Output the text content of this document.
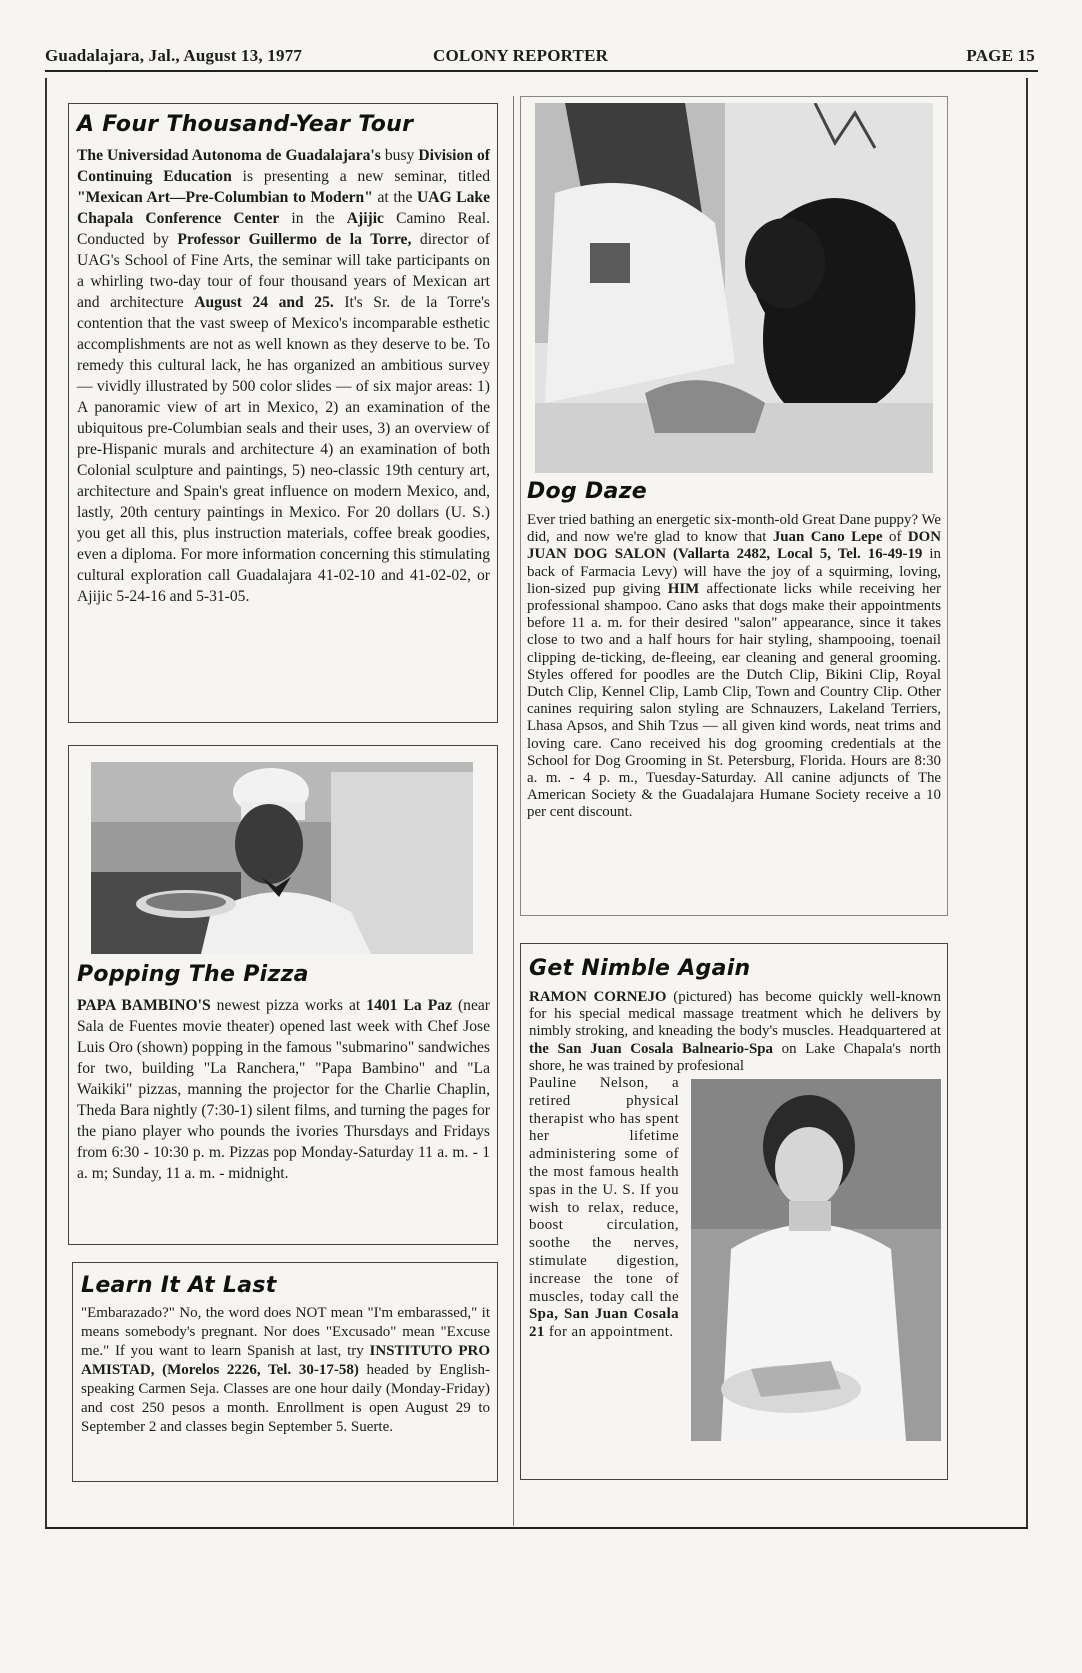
Guadalajara, Jal., August 13, 1977	COLONY REPORTER	PAGE 15
A Four Thousand-Year Tour

The Universidad Autonoma de Guadalajara's busy Division of Continuing Education is presenting a new seminar, titled "Mexican Art—Pre-Columbian to Modern" at the UAG Lake Chapala Conference Center in the Ajijic Camino Real. Conducted by Professor Guillermo de la Torre, director of UAG's School of Fine Arts, the seminar will take participants on a whirling two-day tour of four thousand years of Mexican art and architecture August 24 and 25. It's Sr. de la Torre's contention that the vast sweep of Mexico's incomparable esthetic accomplishments are not as well known as they deserve to be. To remedy this cultural lack, he has organized an ambitious survey — vividly illustrated by 500 color slides — of six major areas: 1) A panoramic view of art in Mexico, 2) an examination of the ubiquitous pre-Columbian seals and their uses, 3) an overview of pre-Hispanic murals and architecture 4) an examination of both Colonial sculpture and paintings, 5) neo-classic 19th century art, architecture and Spain's great influence on modern Mexico, and, lastly, 20th century paintings in Mexico. For 20 dollars (U. S.) you get all this, plus instruction materials, coffee break goodies, even a diploma. For more information concerning this stimulating cultural exploration call Guadalajara 41-02-10 and 41-02-02, or Ajijic 5-24-16 and 5-31-05.

Popping The Pizza

PAPA BAMBINO'S newest pizza works at 1401 La Paz (near Sala de Fuentes movie theater) opened last week with Chef Jose Luis Oro (shown) popping in the famous "submarino" sandwiches for two, building "La Ranchera," "Papa Bambino" and "La Waikiki" pizzas, manning the projector for the Charlie Chaplin, Theda Bara nightly (7:30-1) silent films, and turning the pages for the piano player who pounds the ivories Thursdays and Fridays from 6:30 - 10:30 p. m. Pizzas pop Monday-Saturday 11 a. m. - 1 a. m; Sunday, 11 a. m. - midnight.

Learn It At Last

"Embarazado?" No, the word does NOT mean "I'm embarassed," it means somebody's pregnant. Nor does "Excusado" mean "Excuse me." If you want to learn Spanish at last, try INSTITUTO PRO AMISTAD, (Morelos 2226, Tel. 30-17-58) headed by English-speaking Carmen Seja. Classes are one hour daily (Monday-Friday) and cost 250 pesos a month. Enrollment is open August 29 to September 2 and classes begin September 5. Suerte.

Dog Daze

Ever tried bathing an energetic six-month-old Great Dane puppy? We did, and now we're glad to know that Juan Cano Lepe of DON JUAN DOG SALON (Vallarta 2482, Local 5, Tel. 16-49-19 in back of Farmacia Levy) will have the joy of a squirming, loving, lion-sized pup giving HIM affectionate licks while receiving her professional shampoo. Cano asks that dogs make their appointments before 11 a. m. for their desired "salon" appearance, since it takes close to two and a half hours for hair styling, shampooing, toenail clipping de-ticking, de-fleeing, ear cleaning and general grooming. Styles offered for poodles are the Dutch Clip, Bikini Clip, Royal Dutch Clip, Kennel Clip, Lamb Clip, Town and Country Clip. Other canines requiring salon styling are Schnauzers, Lakeland Terriers, Lhasa Apsos, and Shih Tzus — all given kind words, neat trims and loving care. Cano received his dog grooming credentials at the School for Dog Grooming in St. Petersburg, Florida. Hours are 8:30 a. m. - 4 p. m., Tuesday-Saturday. All canine adjuncts of The American Society & the Guadalajara Humane Society receive a 10 per cent discount.

Get Nimble Again

RAMON CORNEJO (pictured) has become quickly well-known for his special medical massage treatment which he delivers by nimbly stroking, and kneading the body's muscles. Headquartered at the San Juan Cosala Balneario-Spa on Lake Chapala's north shore, he was trained by profesional

Pauline Nelson, a retired physical therapist who has spent her lifetime administering some of the most famous health spas in the U. S. If you wish to relax, reduce, boost circulation, soothe the nerves, stimulate digestion, increase the tone of muscles, today call the Spa, San Juan Cosala 21 for an appointment.
